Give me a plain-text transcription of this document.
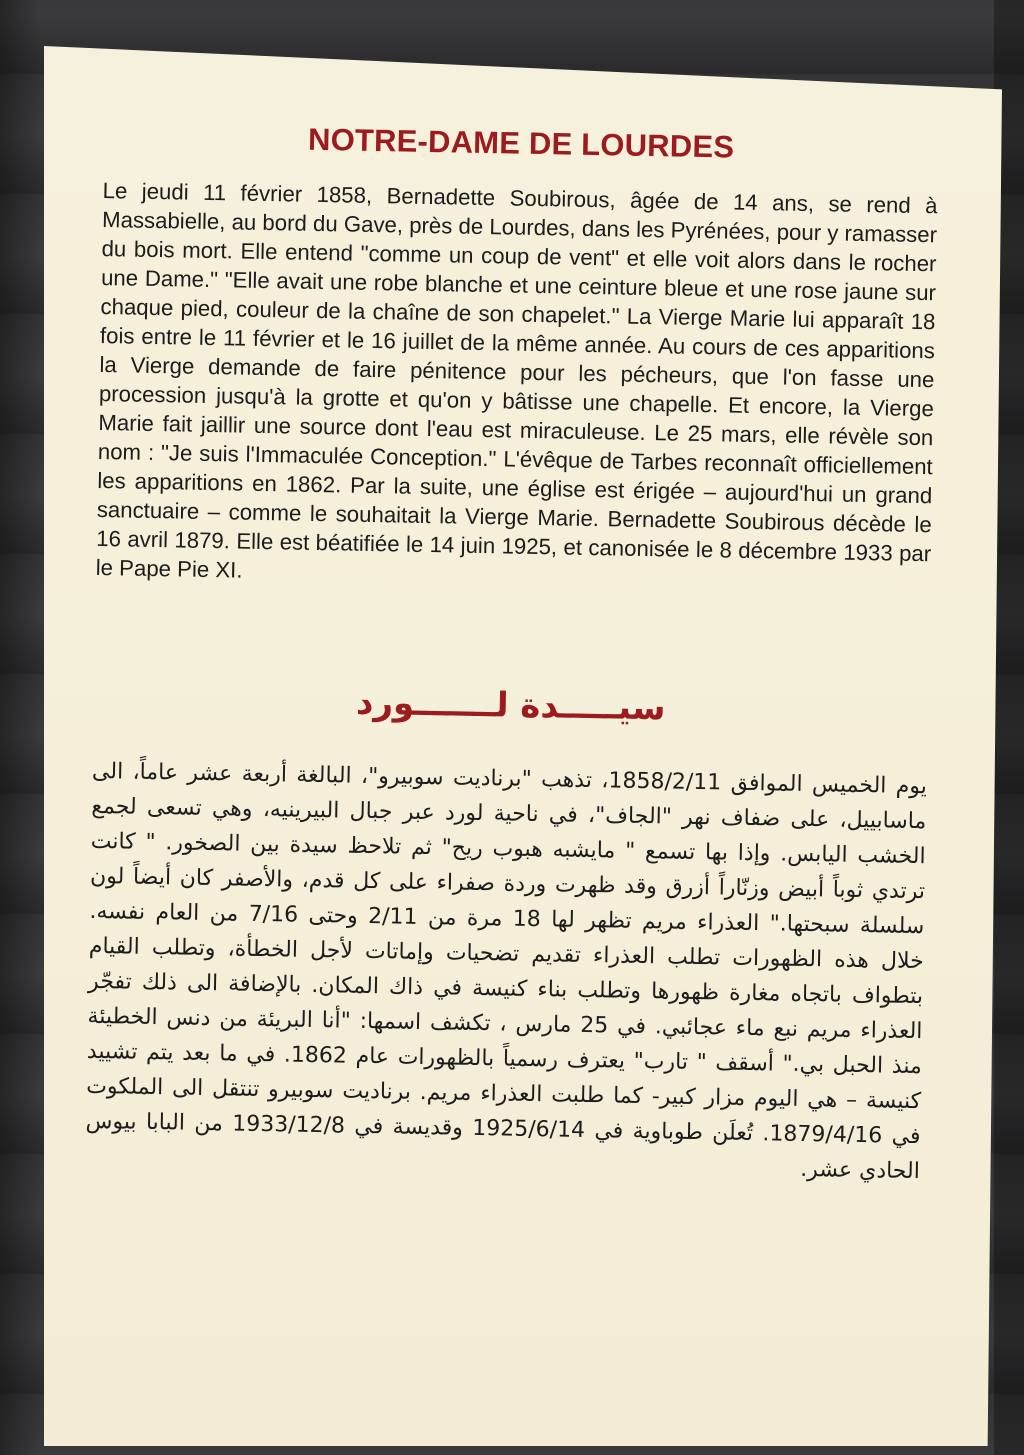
NOTRE-DAME DE LOURDES

Le jeudi 11 février 1858, Bernadette Soubirous, âgée de 14 ans, se rend à Massabielle, au bord du Gave, près de Lourdes, dans les Pyrénées, pour y ramasser du bois mort. Elle entend "comme un coup de vent" et elle voit alors dans le rocher une Dame." "Elle avait une robe blanche et une ceinture bleue et une rose jaune sur chaque pied, couleur de la chaîne de son chapelet." La Vierge Marie lui apparaît 18 fois entre le 11 février et le 16 juillet de la même année. Au cours de ces apparitions la Vierge demande de faire pénitence pour les pécheurs, que l'on fasse une procession jusqu'à la grotte et qu'on y bâtisse une chapelle. Et encore, la Vierge Marie fait jaillir une source dont l'eau est miraculeuse. Le 25 mars, elle révèle son nom : "Je suis l'Immaculée Conception." L'évêque de Tarbes reconnaît officiellement les apparitions en 1862. Par la suite, une église est érigée – aujourd'hui un grand sanctuaire – comme le souhaitait la Vierge Marie. Bernadette Soubirous décède le 16 avril 1879. Elle est béatifiée le 14 juin 1925, et canonisée le 8 décembre 1933 par le Pape Pie XI.

سيـــــدة لـــــــورد

يوم الخميس الموافق 1858/2/11، تذهب "برناديت سوبيرو"، البالغة أربعة عشر عاماً، الى ماسابييل، على ضفاف نهر "الجاف"، في ناحية لورد عبر جبال البيرينيه، وهي تسعى لجمع الخشب اليابس. وإذا بها تسمع " مايشبه هبوب ريح" ثم تلاحظ سيدة بين الصخور. " كانت ترتدي ثوباً أبيض وزنّاراً أزرق وقد ظهرت وردة صفراء على كل قدم، والأصفر كان أيضاً لون سلسلة سبحتها." العذراء مريم تظهر لها 18 مرة من 2/11 وحتى 7/16 من العام نفسه. خلال هذه الظهورات تطلب العذراء تقديم تضحيات وإماتات لأجل الخطأة، وتطلب القيام بتطواف باتجاه مغارة ظهورها وتطلب بناء كنيسة في ذاك المكان. بالإضافة الى ذلك تفجّر العذراء مريم نبع ماء عجائبي. في 25 مارس ، تكشف اسمها: "أنا البريئة من دنس الخطيئة منذ الحبل بي." أسقف " تارب" يعترف رسمياً بالظهورات عام 1862. في ما بعد يتم تشييد كنيسة – هي اليوم مزار كبير- كما طلبت العذراء مريم. برناديت سوبيرو تنتقل الى الملكوت في 1879/4/16. تُعلَن طوباوية في 1925/6/14 وقديسة في 1933/12/8 من البابا بيوس الحادي عشر.
